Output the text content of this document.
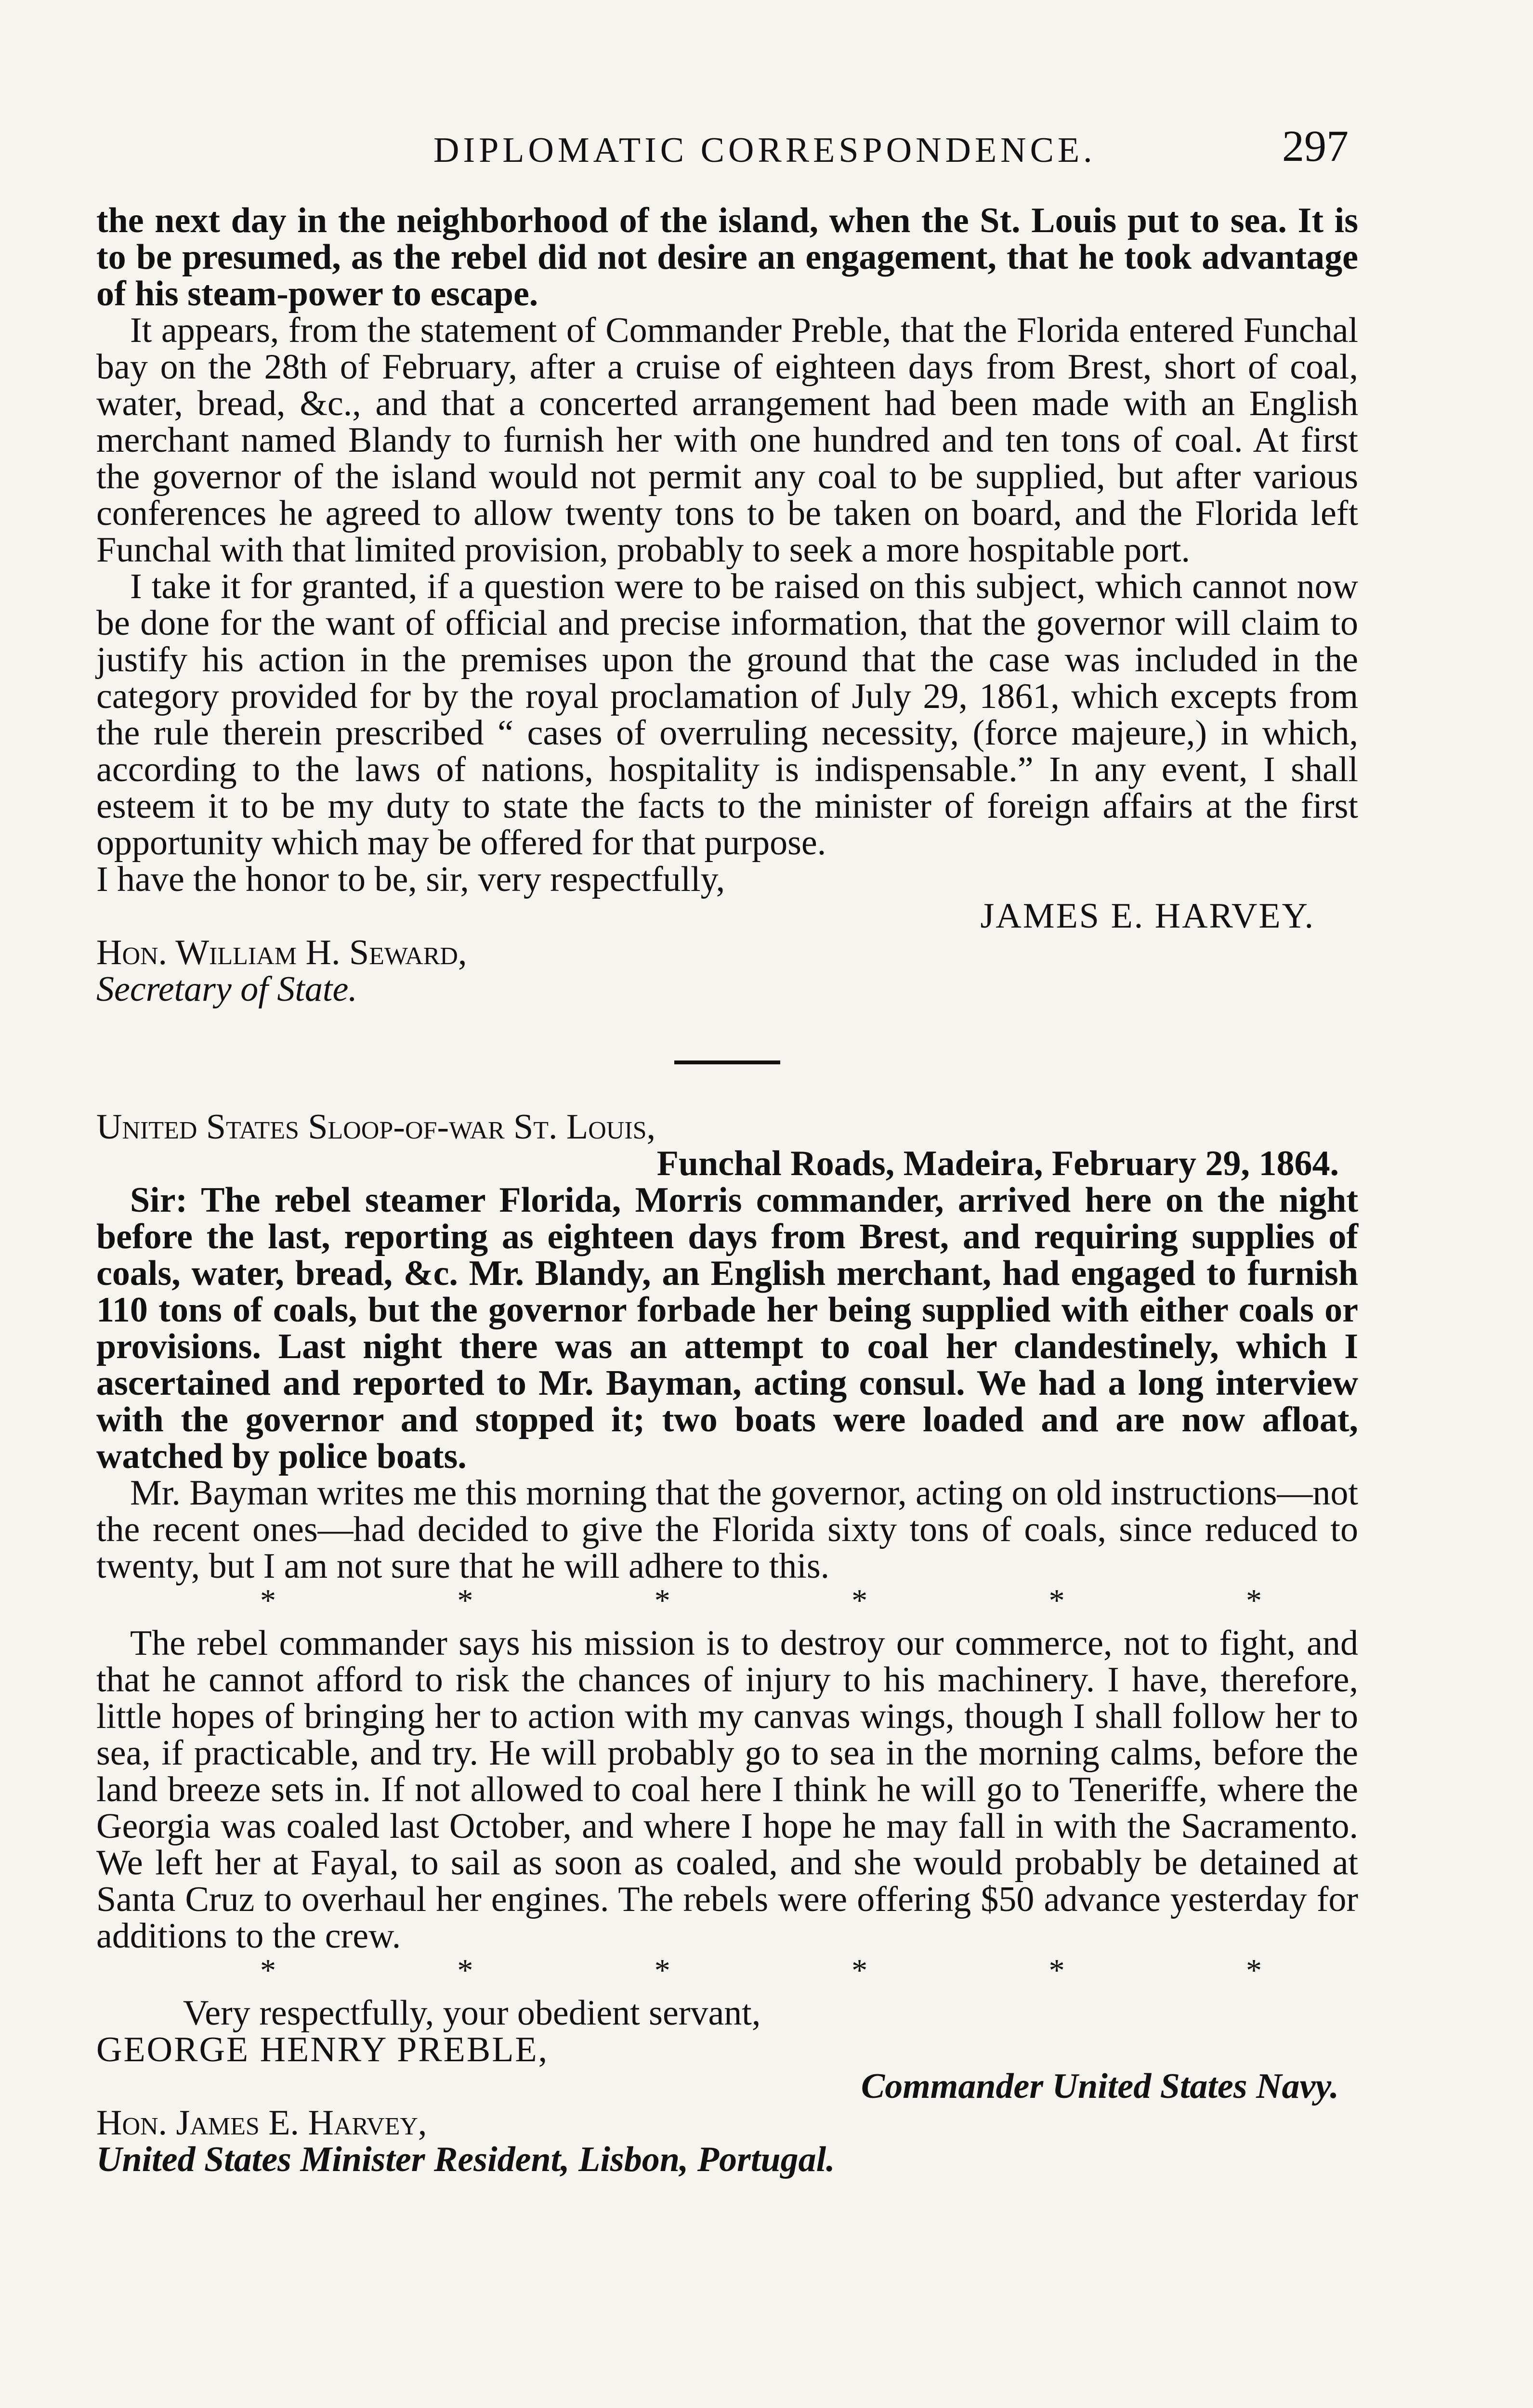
DIPLOMATIC CORRESPONDENCE.	297

the next day in the neighborhood of the island, when the St. Louis put to sea. It is to be presumed, as the rebel did not desire an engagement, that he took advantage of his steam-power to escape.

It appears, from the statement of Commander Preble, that the Florida entered Funchal bay on the 28th of February, after a cruise of eighteen days from Brest, short of coal, water, bread, &c., and that a concerted arrangement had been made with an English merchant named Blandy to furnish her with one hundred and ten tons of coal. At first the governor of the island would not permit any coal to be supplied, but after various conferences he agreed to allow twenty tons to be taken on board, and the Florida left Funchal with that limited provision, probably to seek a more hospitable port.

I take it for granted, if a question were to be raised on this subject, which cannot now be done for the want of official and precise information, that the governor will claim to justify his action in the premises upon the ground that the case was included in the category provided for by the royal proclamation of July 29, 1861, which excepts from the rule therein prescribed “ cases of overruling necessity, (force majeure,) in which, according to the laws of nations, hospitality is indispensable.” In any event, I shall esteem it to be my duty to state the facts to the minister of foreign affairs at the first opportunity which may be offered for that purpose.

I have the honor to be, sir, very respectfully,

JAMES E. HARVEY.

Hon. William H. Seward,

Secretary of State.

United States Sloop-of-war St. Louis,

Funchal Roads, Madeira, February 29, 1864.

Sir: The rebel steamer Florida, Morris commander, arrived here on the night before the last, reporting as eighteen days from Brest, and requiring supplies of coals, water, bread, &c. Mr. Blandy, an English merchant, had engaged to furnish 110 tons of coals, but the governor forbade her being supplied with either coals or provisions. Last night there was an attempt to coal her clandestinely, which I ascertained and reported to Mr. Bayman, acting consul. We had a long interview with the governor and stopped it; two boats were loaded and are now afloat, watched by police boats.

Mr. Bayman writes me this morning that the governor, acting on old instructions—not the recent ones—had decided to give the Florida sixty tons of coals, since reduced to twenty, but I am not sure that he will adhere to this.

*	*	*	*	*	*

The rebel commander says his mission is to destroy our commerce, not to fight, and that he cannot afford to risk the chances of injury to his machinery. I have, therefore, little hopes of bringing her to action with my canvas wings, though I shall follow her to sea, if practicable, and try. He will probably go to sea in the morning calms, before the land breeze sets in. If not allowed to coal here I think he will go to Teneriffe, where the Georgia was coaled last October, and where I hope he may fall in with the Sacramento. We left her at Fayal, to sail as soon as coaled, and she would probably be detained at Santa Cruz to overhaul her engines. The rebels were offering $50 advance yesterday for additions to the crew.

*	*	*	*	*	*

Very respectfully, your obedient servant,

GEORGE HENRY PREBLE,

Commander United States Navy.

Hon. James E. Harvey,

United States Minister Resident, Lisbon, Portugal.
